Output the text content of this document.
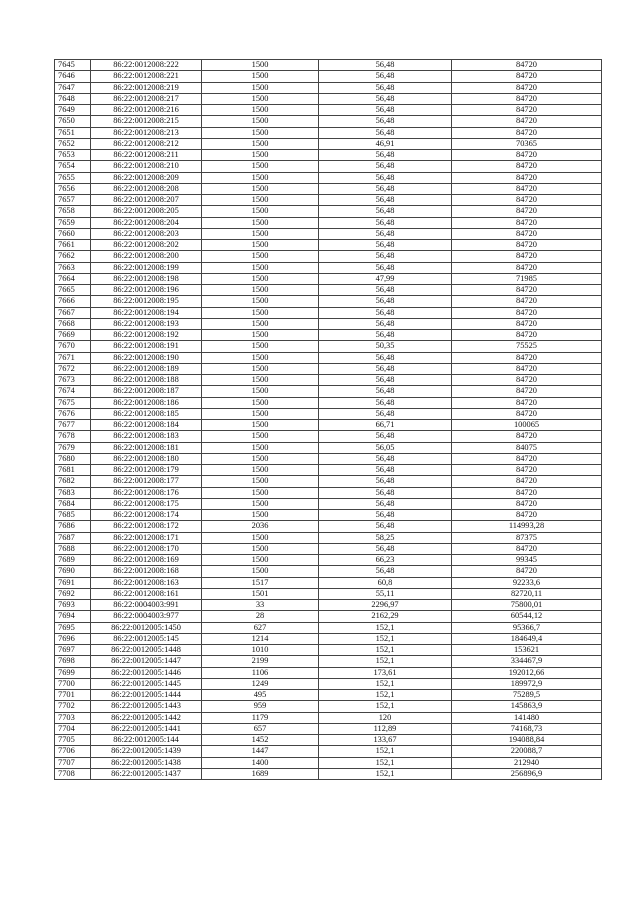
7645	86:22:0012008:222	1500	56,48	84720
7646	86:22:0012008:221	1500	56,48	84720
7647	86:22:0012008:219	1500	56,48	84720
7648	86:22:0012008:217	1500	56,48	84720
7649	86:22:0012008:216	1500	56,48	84720
7650	86:22:0012008:215	1500	56,48	84720
7651	86:22:0012008:213	1500	56,48	84720
7652	86:22:0012008:212	1500	46,91	70365
7653	86:22:0012008:211	1500	56,48	84720
7654	86:22:0012008:210	1500	56,48	84720
7655	86:22:0012008:209	1500	56,48	84720
7656	86:22:0012008:208	1500	56,48	84720
7657	86:22:0012008:207	1500	56,48	84720
7658	86:22:0012008:205	1500	56,48	84720
7659	86:22:0012008:204	1500	56,48	84720
7660	86:22:0012008:203	1500	56,48	84720
7661	86:22:0012008:202	1500	56,48	84720
7662	86:22:0012008:200	1500	56,48	84720
7663	86:22:0012008:199	1500	56,48	84720
7664	86:22:0012008:198	1500	47,99	71985
7665	86:22:0012008:196	1500	56,48	84720
7666	86:22:0012008:195	1500	56,48	84720
7667	86:22:0012008:194	1500	56,48	84720
7668	86:22:0012008:193	1500	56,48	84720
7669	86:22:0012008:192	1500	56,48	84720
7670	86:22:0012008:191	1500	50,35	75525
7671	86:22:0012008:190	1500	56,48	84720
7672	86:22:0012008:189	1500	56,48	84720
7673	86:22:0012008:188	1500	56,48	84720
7674	86:22:0012008:187	1500	56,48	84720
7675	86:22:0012008:186	1500	56,48	84720
7676	86:22:0012008:185	1500	56,48	84720
7677	86:22:0012008:184	1500	66,71	100065
7678	86:22:0012008:183	1500	56,48	84720
7679	86:22:0012008:181	1500	56,05	84075
7680	86:22:0012008:180	1500	56,48	84720
7681	86:22:0012008:179	1500	56,48	84720
7682	86:22:0012008:177	1500	56,48	84720
7683	86:22:0012008:176	1500	56,48	84720
7684	86:22:0012008:175	1500	56,48	84720
7685	86:22:0012008:174	1500	56,48	84720
7686	86:22:0012008:172	2036	56,48	114993,28
7687	86:22:0012008:171	1500	58,25	87375
7688	86:22:0012008:170	1500	56,48	84720
7689	86:22:0012008:169	1500	66,23	99345
7690	86:22:0012008:168	1500	56,48	84720
7691	86:22:0012008:163	1517	60,8	92233,6
7692	86:22:0012008:161	1501	55,11	82720,11
7693	86:22:0004003:991	33	2296,97	75800,01
7694	86:22:0004003:977	28	2162,29	60544,12
7695	86:22:0012005:1450	627	152,1	95366,7
7696	86:22:0012005:145	1214	152,1	184649,4
7697	86:22:0012005:1448	1010	152,1	153621
7698	86:22:0012005:1447	2199	152,1	334467,9
7699	86:22:0012005:1446	1106	173,61	192012,66
7700	86:22:0012005:1445	1249	152,1	189972,9
7701	86:22:0012005:1444	495	152,1	75289,5
7702	86:22:0012005:1443	959	152,1	145863,9
7703	86:22:0012005:1442	1179	120	141480
7704	86:22:0012005:1441	657	112,89	74168,73
7705	86:22:0012005:144	1452	133,67	194088,84
7706	86:22:0012005:1439	1447	152,1	220088,7
7707	86:22:0012005:1438	1400	152,1	212940
7708	86:22:0012005:1437	1689	152,1	256896,9
